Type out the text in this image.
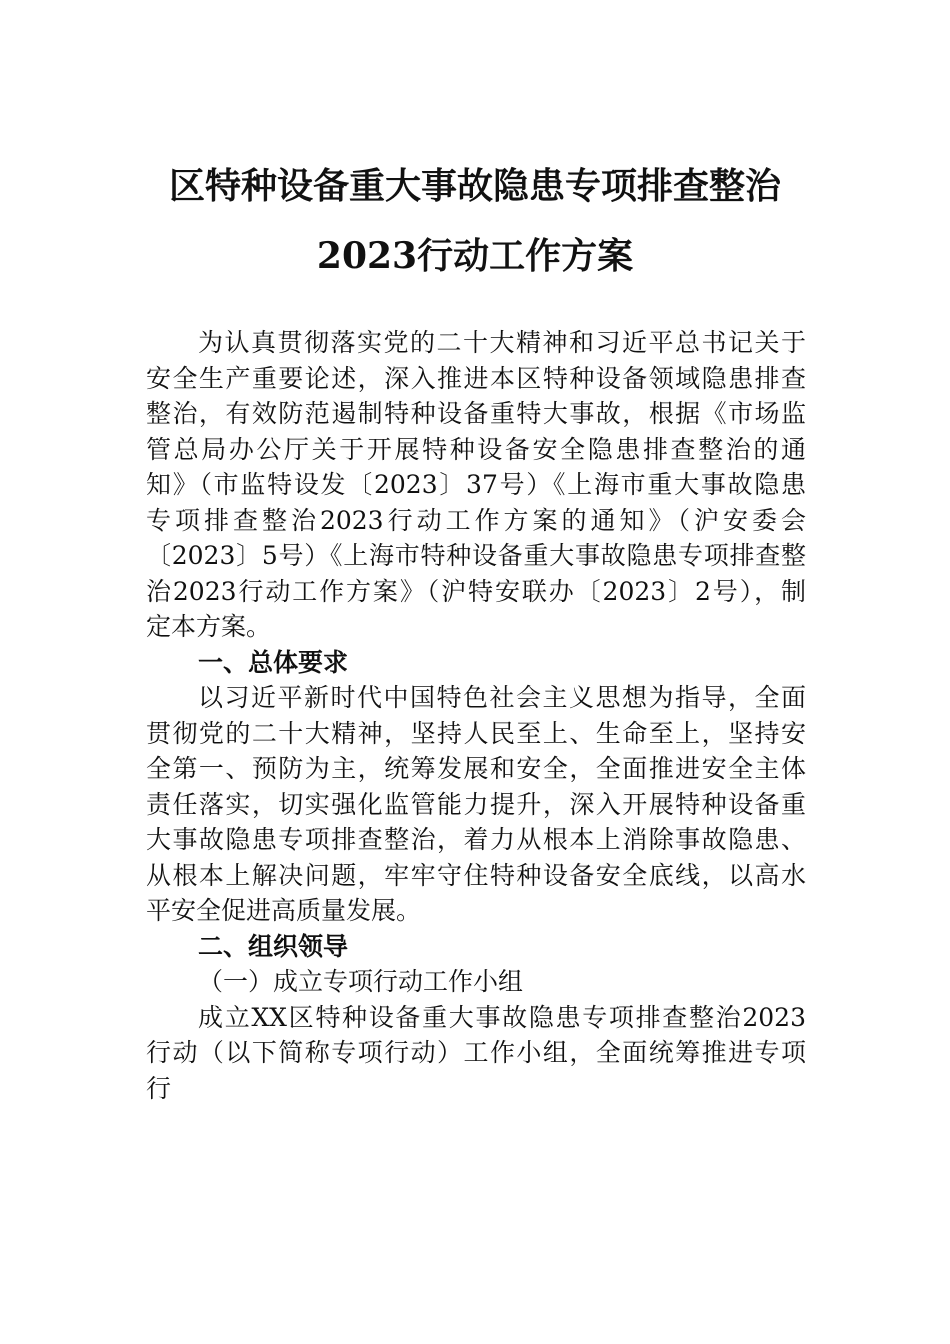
区特种设备重大事故隐患专项排查整治
2023行动工作方案
为认真贯彻落实党的二十大精神和习近平总书记关于
安全生产重要论述，深入推进本区特种设备领域隐患排查
整治，有效防范遏制特种设备重特大事故，根据《市场监
管总局办公厅关于开展特种设备安全隐患排查整治的通
知》（市监特设发〔2023〕37号）《上海市重大事故隐患
专项排查整治2023行动工作方案的通知》（沪安委会
〔2023〕5号）《上海市特种设备重大事故隐患专项排查整
治2023行动工作方案》（沪特安联办〔2023〕2号），制
定本方案。
一、总体要求
以习近平新时代中国特色社会主义思想为指导，全面
贯彻党的二十大精神，坚持人民至上、生命至上，坚持安
全第一、预防为主，统筹发展和安全，全面推进安全主体
责任落实，切实强化监管能力提升，深入开展特种设备重
大事故隐患专项排查整治，着力从根本上消除事故隐患、
从根本上解决问题，牢牢守住特种设备安全底线，以高水
平安全促进高质量发展。
二、组织领导
（一）成立专项行动工作小组
成立XX区特种设备重大事故隐患专项排查整治2023
行动（以下简称专项行动）工作小组，全面统筹推进专项
行
